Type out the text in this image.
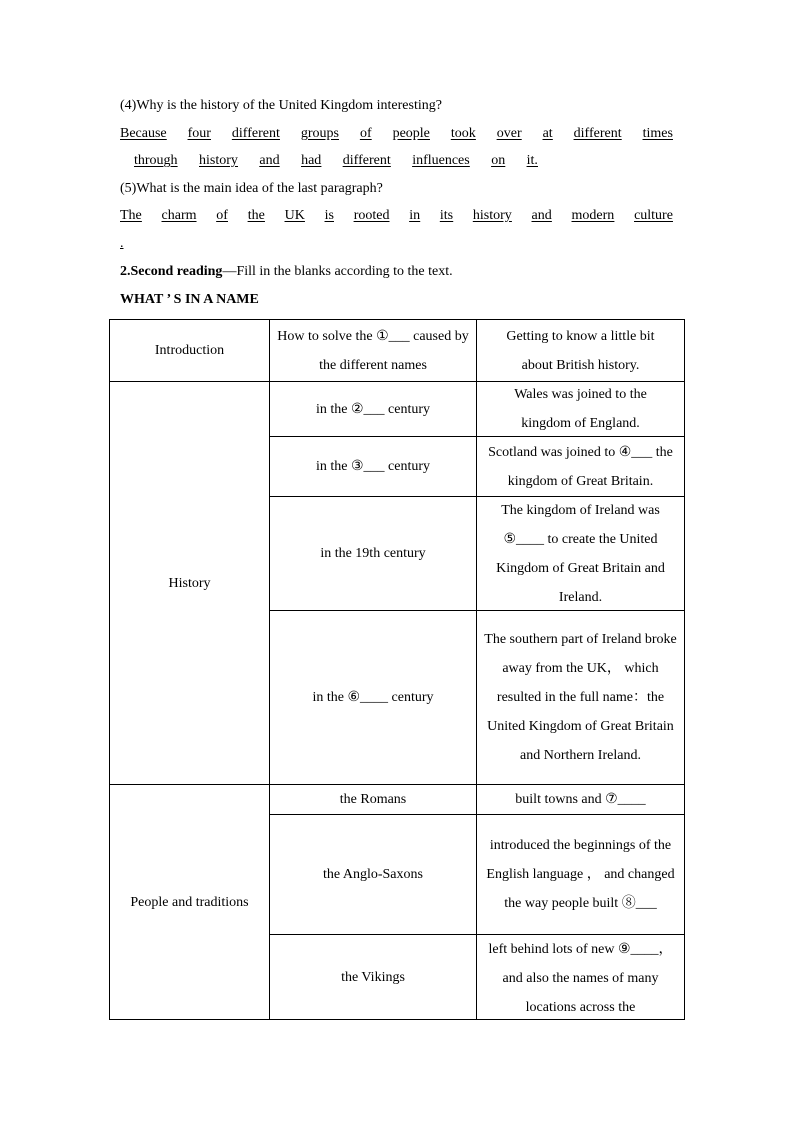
(4)Why is the history of the United Kingdom interesting?
Because four different groups of people took over at different times
through history and had different influences on it.
(5)What is the main idea of the last paragraph?
The charm of the UK is rooted in its history and modern culture
.
2.Second reading—Fill in the blanks according to the text.
WHAT ’ S IN A NAME
Introduction
How to solve the ①___ caused by the different names
Getting to know a little bit about British history.
History
in the ②___ century
Wales was joined to the kingdom of England.
in the ③___ century
Scotland was joined to ④___ the kingdom of Great Britain.
in the 19th century
The kingdom of Ireland was ⑤____ to create the United Kingdom of Great Britain and Ireland.
in the ⑥____ century
The southern part of Ireland broke away from the UK， which resulted in the full name：the United Kingdom of Great Britain and Northern Ireland.
People and traditions
the Romans	built towns and ⑦____
the Anglo-Saxons
introduced the beginnings of the English language ， and changed the way people built ⑧___
the Vikings
left behind lots of new ⑨____， and also the names of many locations across the
